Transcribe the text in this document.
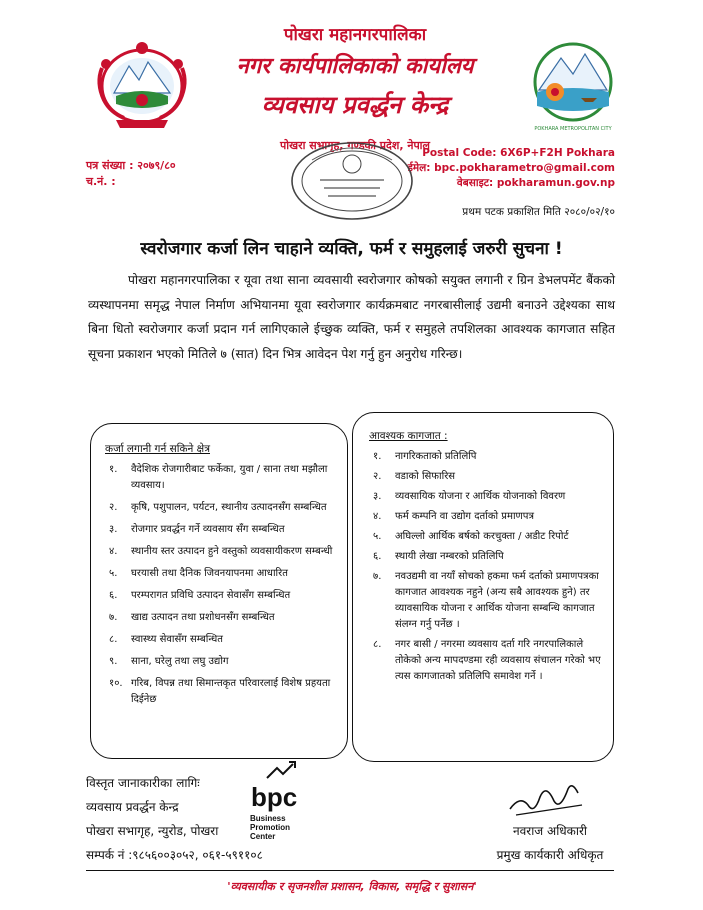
POKHARA METROPOLITAN CITY
पोखरा महानगरपालिका
नगर कार्यपालिकाको कार्यालय
व्यवसाय प्रवर्द्धन केन्द्र
पोखरा सभागृह, गण्डकी प्रदेश, नेपाल
पत्र संख्या : २०७९/८०
च.नं. :
Postal Code: 6X6P+F2H Pokhara
ईमेल: bpc.pokharametro@gmail.com
वेबसाइट: pokharamun.gov.np
प्रथम पटक प्रकाशित मिति २०८०/०२/१०
स्वरोजगार कर्जा लिन चाहाने व्यक्ति, फर्म र समुहलाई जरुरी सुचना !

पोखरा महानगरपालिका र यूवा तथा साना व्यवसायी स्वरोजगार कोषको सयुक्त लगानी र ग्रिन डेभलपमेंट बैंकको व्यस्थापनमा समृद्ध नेपाल निर्माण अभियानमा यूवा स्वरोजगार कार्यक्रमबाट नगरबासीलाई उद्यमी बनाउने उद्देश्यका साथ बिना धितो स्वरोजगार कर्जा प्रदान गर्न लागिएकाले ईच्छुक व्यक्ति, फर्म र समुहले तपशिलका आवश्यक कागजात सहित सूचना प्रकाशन भएको मितिले ७ (सात) दिन भित्र आवेदन पेश गर्नु हुन अनुरोध गरिन्छ।

कर्जा लगानी गर्न सकिने क्षेत्र
१.	वैदेशिक रोजगारीबाट फर्केका, युवा / साना तथा मझौला व्यवसाय।
२.	कृषि, पशुपालन, पर्यटन, स्थानीय उत्पादनसँग सम्बन्धित
३.	रोजगार प्रवर्द्धन गर्ने व्यवसाय सँग सम्बन्धित
४.	स्थानीय स्तर उत्पादन हुने वस्तुको व्यवसायीकरण सम्बन्धी
५.	घरयासी तथा दैनिक जिवनयापनमा आधारित
६.	परम्परागत प्रविधि उत्पादन सेवासँग सम्बन्धित
७.	खाद्य उत्पादन तथा प्रशोधनसँग सम्बन्धित
८.	स्वास्थ्य सेवासँग सम्बन्धित
९.	साना, घरेलु तथा लघु उद्योग
१०. गरिब, विपन्न तथा सिमान्तकृत परिवारलाई विशेष प्रहयता दिईनेछ
आवश्यक कागजात :
१.	नागरिकताको प्रतिलिपि
२.	वडाको सिफारिस
३.	व्यवसायिक योजना र आर्थिक योजनाको विवरण
४.	फर्म कम्पनि वा उद्योग दर्ताको प्रमाणपत्र
५.	अघिल्लो आर्थिक बर्षको करचुक्ता / अडीट रिपोर्ट
६.	स्थायी लेखा नम्बरको प्रतिलिपि
७.	नवउद्यमी वा नयाँ सोचको हकमा फर्म दर्ताको प्रमाणपत्रका कागजात आवश्यक नहुने (अन्य सबै आवश्यक हुने) तर व्यावसायिक योजना र आर्थिक योजना सम्बन्धि कागजात संलग्न गर्नु पर्नेछ ।
८.	नगर बासी / नगरमा व्यवसाय दर्ता गरि नगरपालिकाले तोकेको अन्य मापदण्डमा रही व्यवसाय संचालन गरेको भए त्यस कागजातको प्रतिलिपि समावेश गर्ने ।
विस्तृत जानाकारीका लागिः
व्यवसाय प्रवर्द्धन केन्द्र
पोखरा सभागृह, न्युरोड, पोखरा
सम्पर्क नं :९८५६००३०५२, ०६१-५९११०८
bpc
Business
Promotion
Center	नवराज अधिकारी
प्रमुख कार्यकारी अधिकृत
'व्यवसायीक र सृजनशील प्रशासन, विकास, समृद्धि र सुशासन'
